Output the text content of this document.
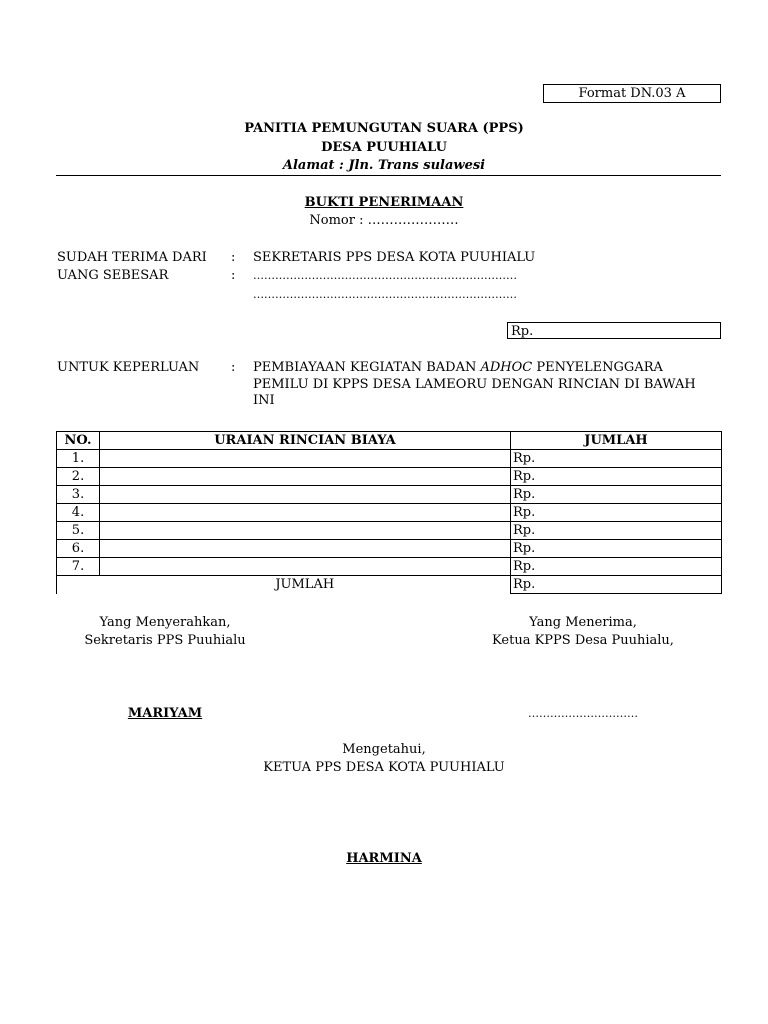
Format DN.03 A
PANITIA PEMUNGUTAN SUARA (PPS)
DESA PUUHIALU
Alamat : Jln. Trans sulawesi
BUKTI PENERIMAAN
Nomor : …………………
SUDAH TERIMA DARI : SEKRETARIS PPS DESA KOTA PUUHIALU
UANG SEBESAR	: ………………………………………………………………
………………………………………………………………
Rp.
UNTUK KEPERLUAN : PEMBIAYAAN KEGIATAN BADAN ADHOC PENYELENGGARA
PEMILU DI KPPS DESA LAMEORU DENGAN RINCIAN DI BAWAH
INI
NO.	URAIAN RINCIAN BIAYA	JUMLAH
1.		Rp.
2.		Rp.
3.		Rp.
4.		Rp.
5.		Rp.
6.		Rp.
7.		Rp.
	JUMLAH	Rp.
Yang Menyerahkan,
Sekretaris PPS Puuhialu
MARIYAM
Yang Menerima,
Ketua KPPS Desa Puuhialu,
…………………………
Mengetahui,
KETUA PPS DESA KOTA PUUHIALU
HARMINA
